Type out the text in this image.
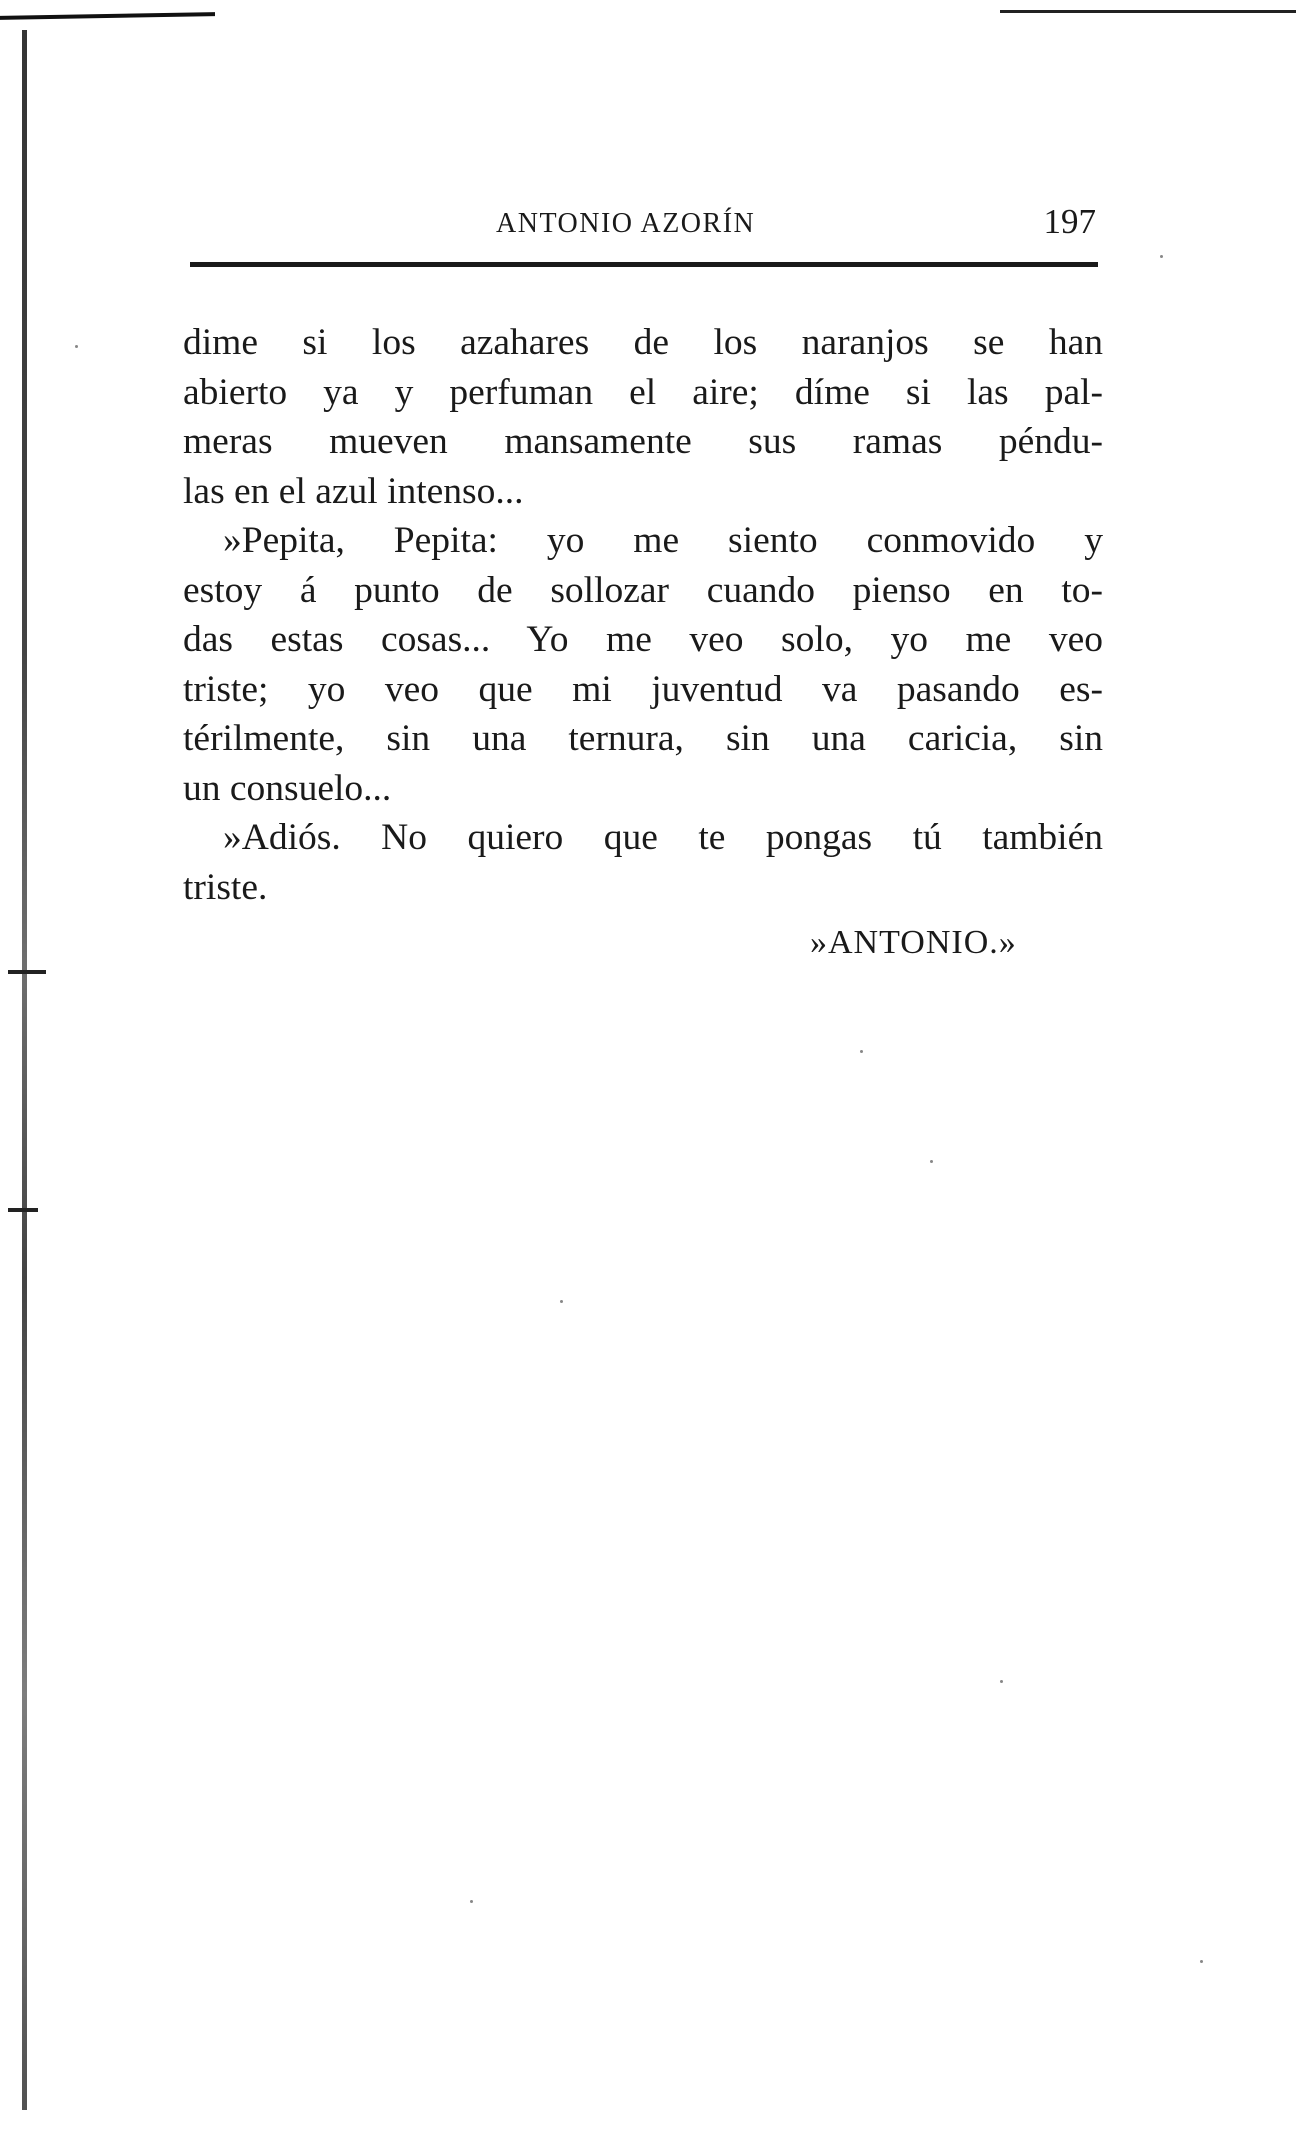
ANTONIO AZORÍN	197
dime si los azahares de los naranjos se han
abierto ya y perfuman el aire; díme si las pal-
meras mueven mansamente sus ramas péndu-
las en el azul intenso...
»Pepita, Pepita: yo me siento conmovido y
estoy á punto de sollozar cuando pienso en to-
das estas cosas... Yo me veo solo, yo me veo
triste; yo veo que mi juventud va pasando es-
térilmente, sin una ternura, sin una caricia, sin
un consuelo...
»Adiós. No quiero que te pongas tú también
triste.
»ANTONIO.»
